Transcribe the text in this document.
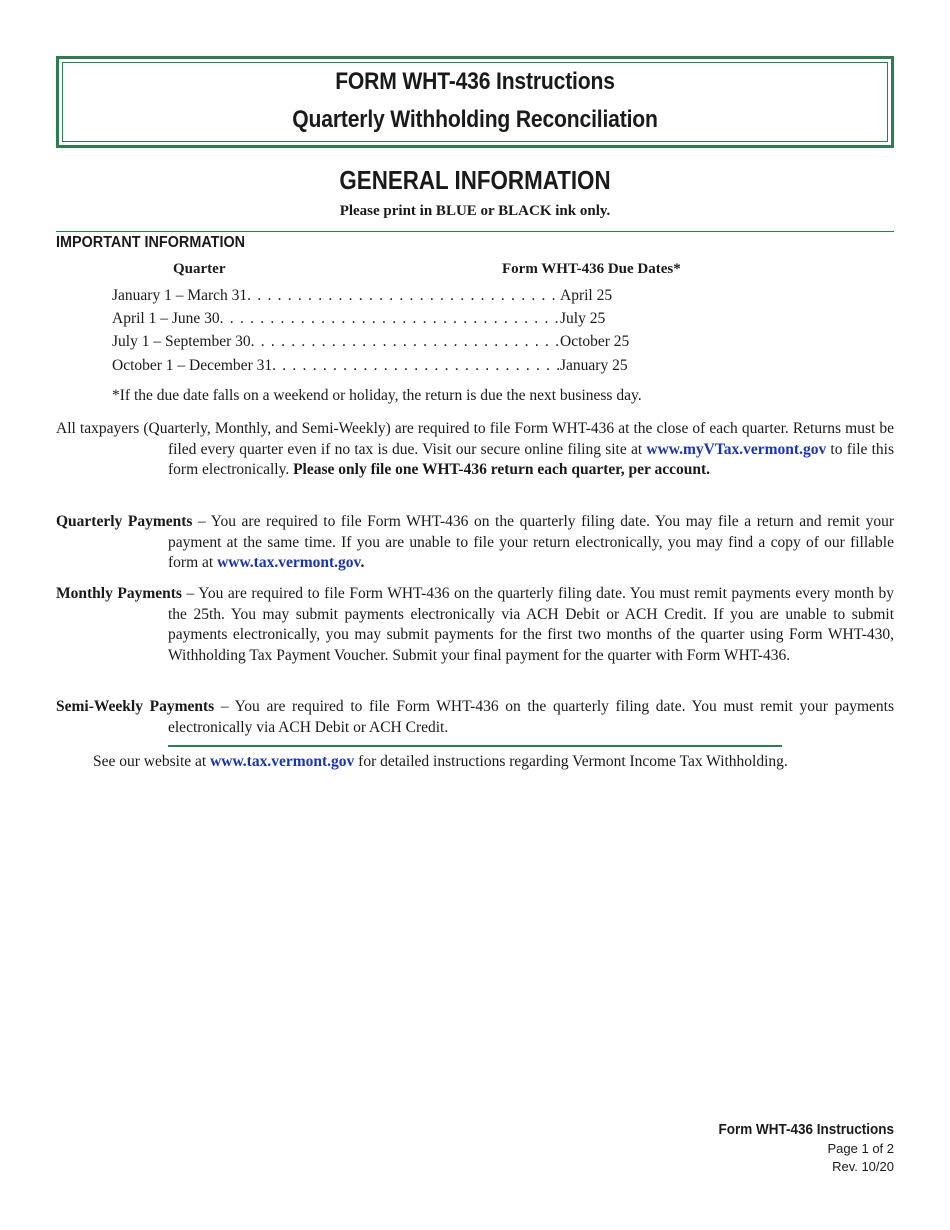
FORM WHT-436 Instructions
Quarterly Withholding Reconciliation
GENERAL INFORMATION
Please print in BLUE or BLACK ink only.
IMPORTANT INFORMATION
Quarter	Form WHT-436 Due Dates*
January 1 – March 31 . . .	April 25
April 1 – June 30 . . .	July 25
July 1 – September 30 . . .	October 25
October 1 – December 31 . . .	January 25
*If the due date falls on a weekend or holiday, the return is due the next business day.

All taxpayers (Quarterly, Monthly, and Semi-Weekly) are required to file Form WHT-436 at the close of each quarter. Returns must be filed every quarter even if no tax is due. Visit our secure online filing site at www.myVTax.vermont.gov to file this form electronically. Please only file one WHT-436 return each quarter, per account.

Quarterly Payments – You are required to file Form WHT-436 on the quarterly filing date. You may file a return and remit your payment at the same time. If you are unable to file your return electronically, you may find a copy of our fillable form at www.tax.vermont.gov.

Monthly Payments – You are required to file Form WHT-436 on the quarterly filing date. You must remit payments every month by the 25th. You may submit payments electronically via ACH Debit or ACH Credit. If you are unable to submit payments electronically, you may submit payments for the first two months of the quarter using Form WHT-430, Withholding Tax Payment Voucher. Submit your final payment for the quarter with Form WHT-436.

Semi-Weekly Payments – You are required to file Form WHT-436 on the quarterly filing date. You must remit your payments electronically via ACH Debit or ACH Credit.

See our website at www.tax.vermont.gov for detailed instructions regarding Vermont Income Tax Withholding.
Form WHT-436 Instructions
Page 1 of 2
Rev. 10/20
